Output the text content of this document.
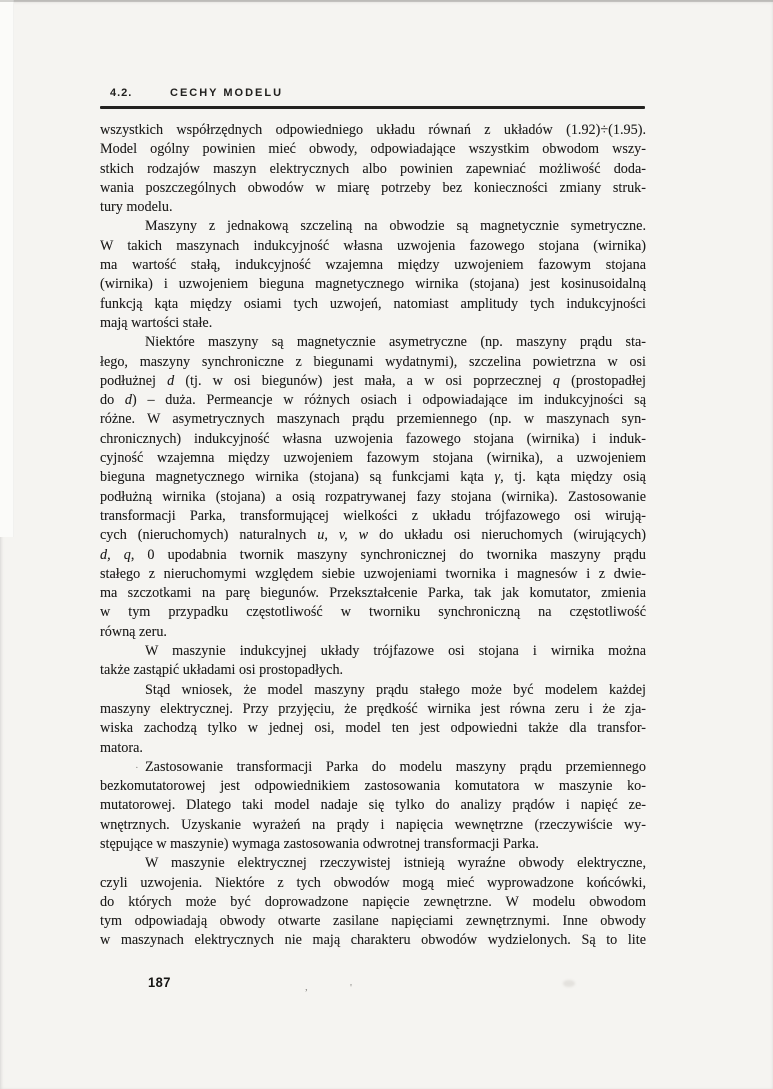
4.2.	CECHY MODELU
wszystkich współrzędnych odpowiedniego układu równań z układów (1.92)÷(1.95).
Model ogólny powinien mieć obwody, odpowiadające wszystkim obwodom wszy-
stkich rodzajów maszyn elektrycznych albo powinien zapewniać możliwość doda-
wania poszczególnych obwodów w miarę potrzeby bez konieczności zmiany struk-
tury modelu.
Maszyny z jednakową szczeliną na obwodzie są magnetycznie symetryczne.
W takich maszynach indukcyjność własna uzwojenia fazowego stojana (wirnika)
ma wartość stałą, indukcyjność wzajemna między uzwojeniem fazowym stojana
(wirnika) i uzwojeniem bieguna magnetycznego wirnika (stojana) jest kosinusoidalną
funkcją kąta między osiami tych uzwojeń, natomiast amplitudy tych indukcyjności
mają wartości stałe.
Niektóre maszyny są magnetycznie asymetryczne (np. maszyny prądu sta-
łego, maszyny synchroniczne z biegunami wydatnymi), szczelina powietrzna w osi
podłużnej d (tj. w osi biegunów) jest mała, a w osi poprzecznej q (prostopadłej
do d) – duża. Permeancje w różnych osiach i odpowiadające im indukcyjności są
różne. W asymetrycznych maszynach prądu przemiennego (np. w maszynach syn-
chronicznych) indukcyjność własna uzwojenia fazowego stojana (wirnika) i induk-
cyjność wzajemna między uzwojeniem fazowym stojana (wirnika), a uzwojeniem
bieguna magnetycznego wirnika (stojana) są funkcjami kąta γ, tj. kąta między osią
podłużną wirnika (stojana) a osią rozpatrywanej fazy stojana (wirnika). Zastosowanie
transformacji Parka, transformującej wielkości z układu trójfazowego osi wirują-
cych (nieruchomych) naturalnych u, v, w do układu osi nieruchomych (wirujących)
d, q, 0 upodabnia twornik maszyny synchronicznej do twornika maszyny prądu
stałego z nieruchomymi względem siebie uzwojeniami twornika i magnesów i z dwie-
ma szczotkami na parę biegunów. Przekształcenie Parka, tak jak komutator, zmienia
w tym przypadku częstotliwość w tworniku synchroniczną na częstotliwość
równą zeru.
W maszynie indukcyjnej układy trójfazowe osi stojana i wirnika można
także zastąpić układami osi prostopadłych.
Stąd wniosek, że model maszyny prądu stałego może być modelem każdej
maszyny elektrycznej. Przy przyjęciu, że prędkość wirnika jest równa zeru i że zja-
wiska zachodzą tylko w jednej osi, model ten jest odpowiedni także dla transfor-
matora.
Zastosowanie transformacji Parka do modelu maszyny prądu przemiennego
bezkomutatorowej jest odpowiednikiem zastosowania komutatora w maszynie ko-
mutatorowej. Dlatego taki model nadaje się tylko do analizy prądów i napięć ze-
wnętrznych. Uzyskanie wyrażeń na prądy i napięcia wewnętrzne (rzeczywiście wy-
stępujące w maszynie) wymaga zastosowania odwrotnej transformacji Parka.
W maszynie elektrycznej rzeczywistej istnieją wyraźne obwody elektryczne,
czyli uzwojenia. Niektóre z tych obwodów mogą mieć wyprowadzone końcówki,
do których może być doprowadzone napięcie zewnętrzne. W modelu obwodom
tym odpowiadają obwody otwarte zasilane napięciami zewnętrznymi. Inne obwody
w maszynach elektrycznych nie mają charakteru obwodów wydzielonych. Są to lite
187
·
,	'
